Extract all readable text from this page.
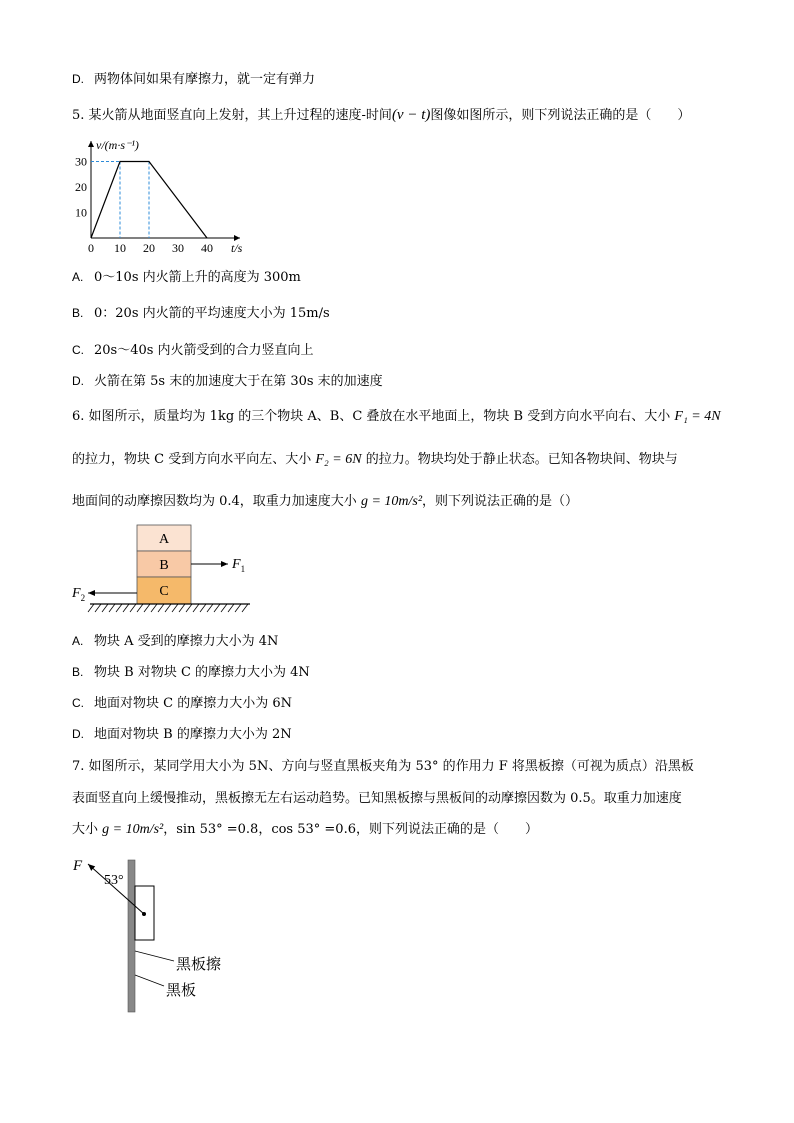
D. 两物体间如果有摩擦力，就一定有弹力
5. 某火箭从地面竖直向上发射，其上升过程的速度-时间(v − t)图像如图所示，则下列说法正确的是（　　）
v/(m·s⁻¹)
t/s
0 10 20 30 40
10
20
30
A. 0～10s 内火箭上升的高度为 300m
B. 0：20s 内火箭的平均速度大小为 15m/s
C. 20s～40s 内火箭受到的合力竖直向上
D. 火箭在第 5s 末的加速度大于在第 30s 末的加速度
6. 如图所示，质量均为 1kg 的三个物块 A、B、C 叠放在水平地面上，物块 B 受到方向水平向右、大小 F₁ = 4N
的拉力，物块 C 受到方向水平向左、大小 F₂ = 6N 的拉力。物块均处于静止状态。已知各物块间、物块与
地面间的动摩擦因数均为 0.4，取重力加速度大小 g = 10m/s²，则下列说法正确的是（）
A
B
C
$F_1$
$F_2$
A. 物块 A 受到的摩擦力大小为 4N
B. 物块 B 对物块 C 的摩擦力大小为 4N
C. 地面对物块 C 的摩擦力大小为 6N
D. 地面对物块 B 的摩擦力大小为 2N
7. 如图所示，某同学用大小为 5N、方向与竖直黑板夹角为 53° 的作用力 F 将黑板擦（可视为质点）沿黑板
表面竖直向上缓慢推动，黑板擦无左右运动趋势。已知黑板擦与黑板间的动摩擦因数为 0.5。取重力加速度
大小 g = 10m/s²，sin 53° =0.8，cos 53° =0.6，则下列说法正确的是（　　）
F
53°
黑板擦
黑板
